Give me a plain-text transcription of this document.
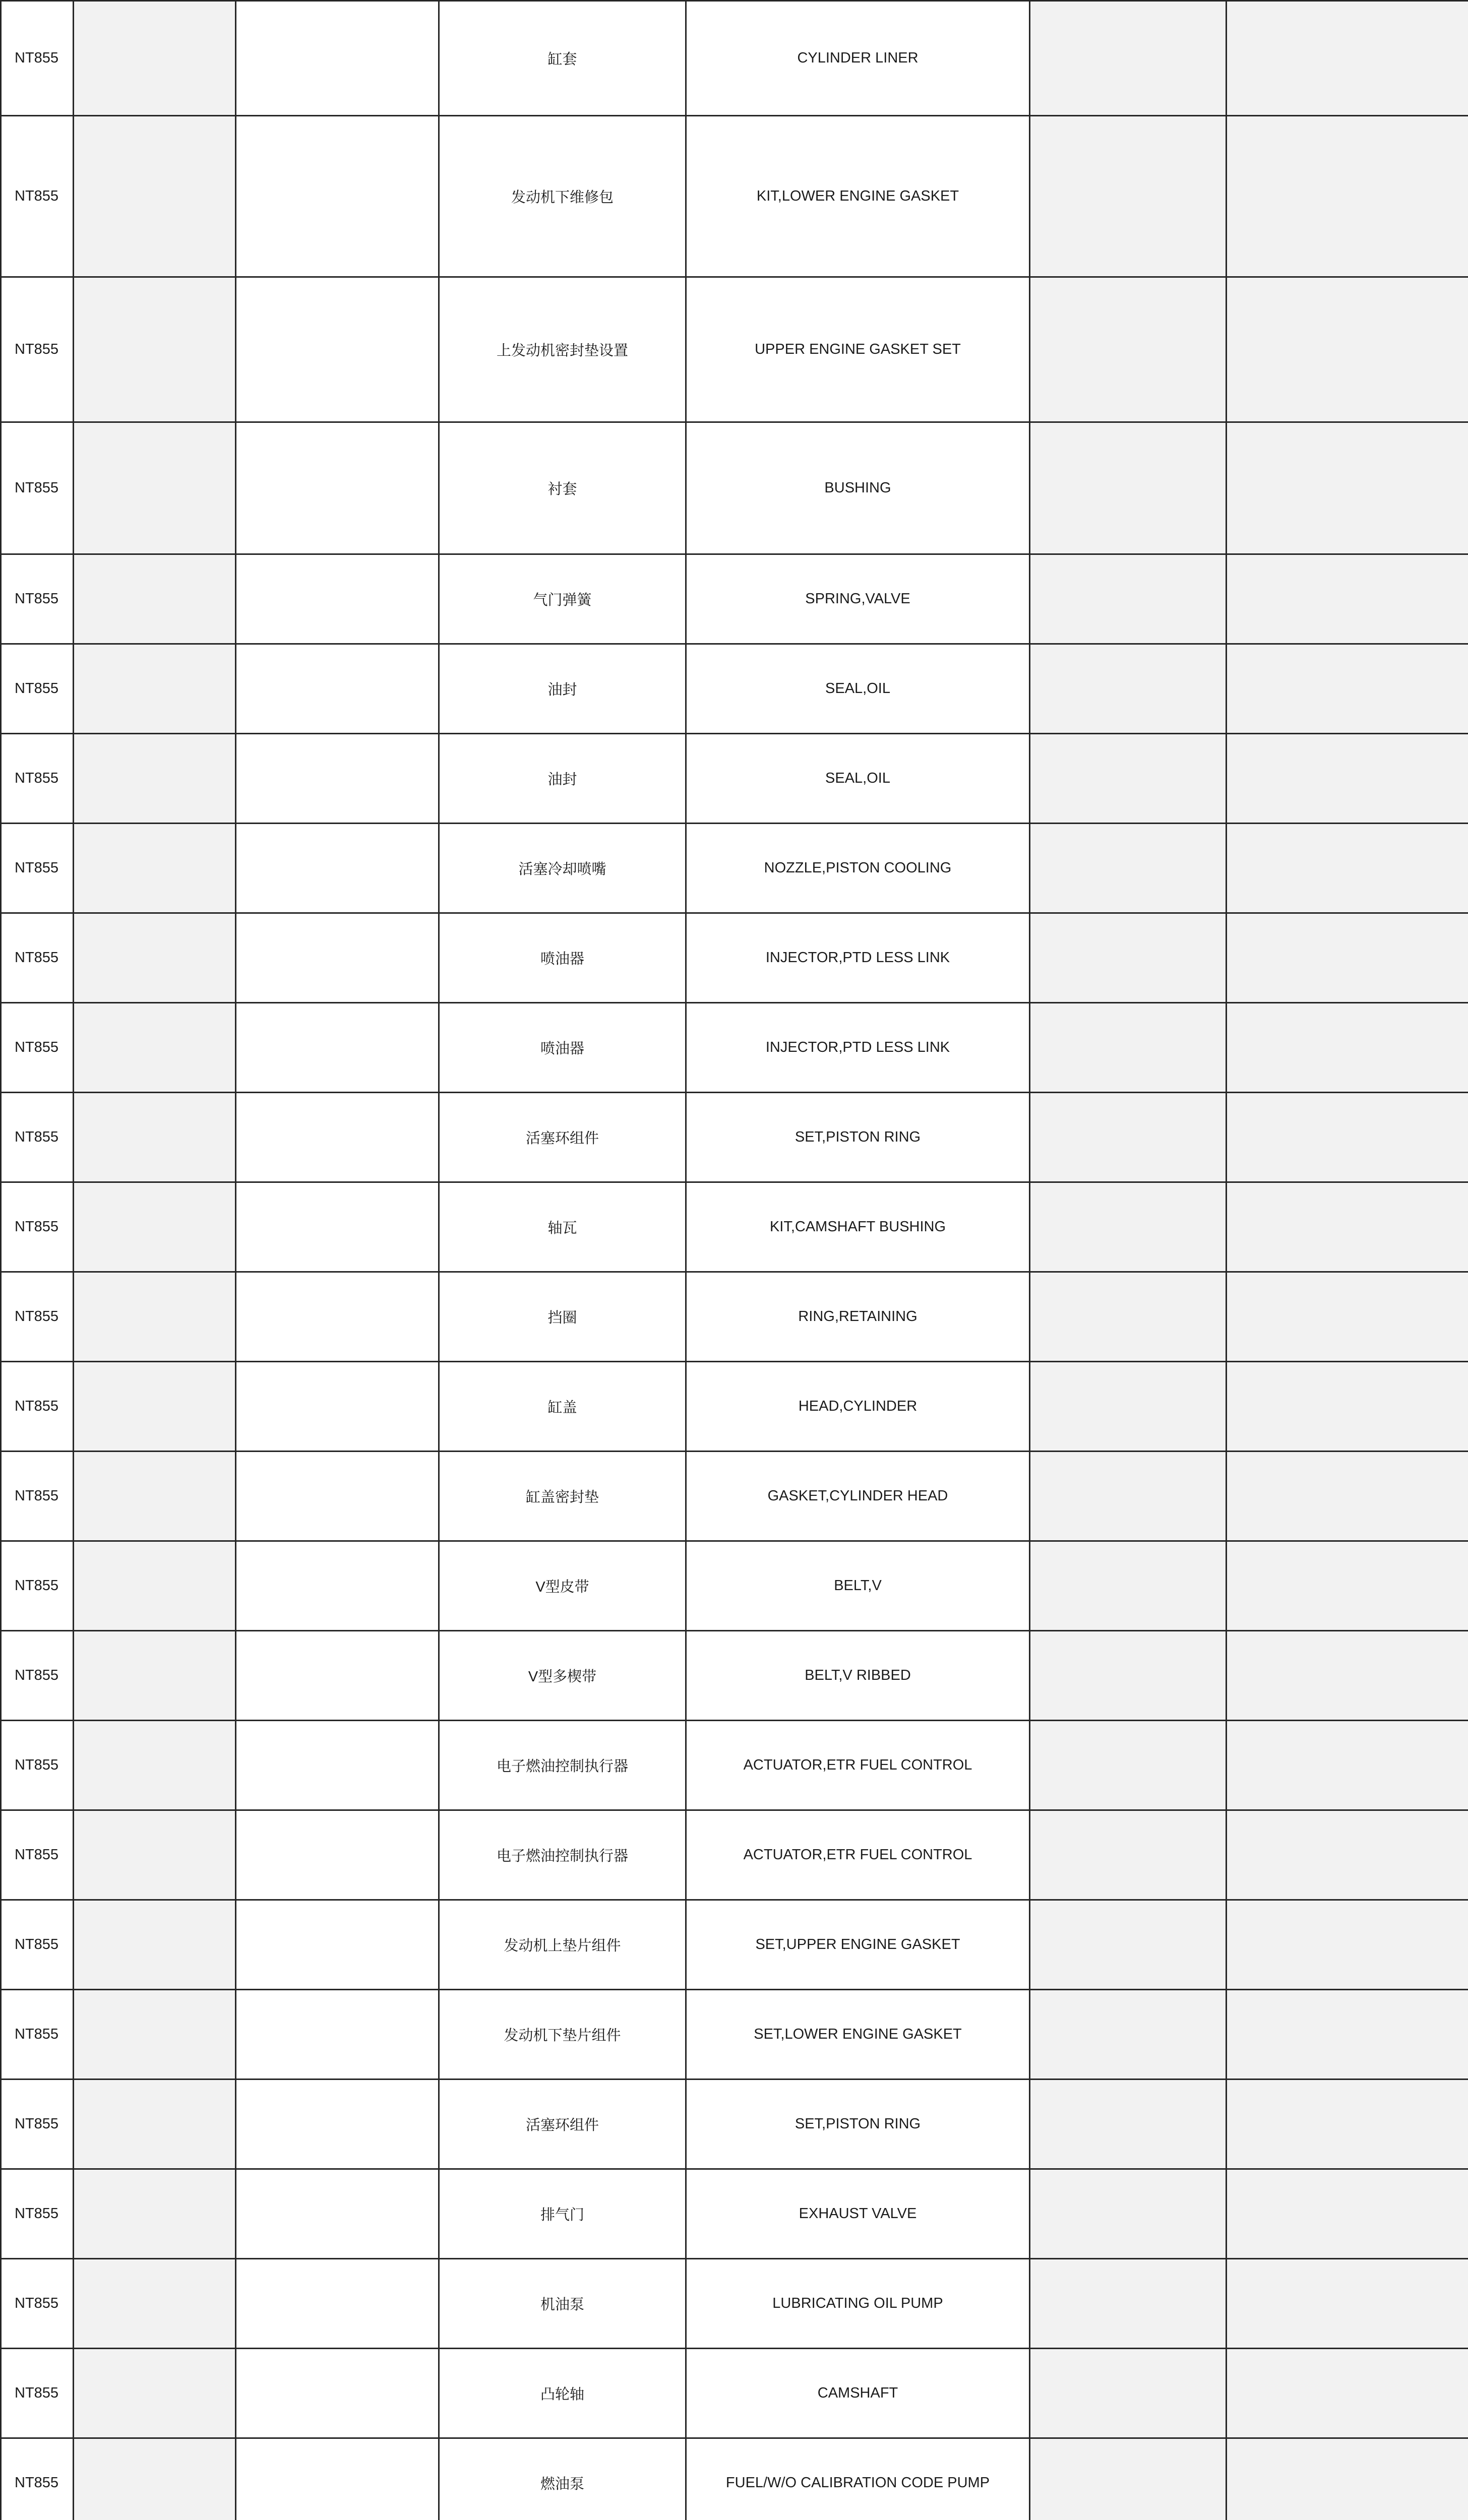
NT855			缸套	CYLINDER LINER		
NT855			发动机下维修包	KIT,LOWER ENGINE GASKET		
NT855			上发动机密封垫设置	UPPER ENGINE GASKET SET		
NT855			衬套	BUSHING		
NT855			气门弹簧	SPRING,VALVE		
NT855			油封	SEAL,OIL		
NT855			油封	SEAL,OIL		
NT855			活塞冷却喷嘴	NOZZLE,PISTON COOLING		
NT855			喷油器	INJECTOR,PTD LESS LINK		
NT855			喷油器	INJECTOR,PTD LESS LINK		
NT855			活塞环组件	SET,PISTON RING		
NT855			轴瓦	KIT,CAMSHAFT BUSHING		
NT855			挡圈	RING,RETAINING		
NT855			缸盖	HEAD,CYLINDER		
NT855			缸盖密封垫	GASKET,CYLINDER HEAD		
NT855			V型皮带	BELT,V		
NT855			V型多楔带	BELT,V RIBBED		
NT855			电子燃油控制执行器	ACTUATOR,ETR FUEL CONTROL		
NT855			电子燃油控制执行器	ACTUATOR,ETR FUEL CONTROL		
NT855			发动机上垫片组件	SET,UPPER ENGINE GASKET		
NT855			发动机下垫片组件	SET,LOWER ENGINE GASKET		
NT855			活塞环组件	SET,PISTON RING		
NT855			排气门	EXHAUST VALVE		
NT855			机油泵	LUBRICATING OIL PUMP		
NT855			凸轮轴	CAMSHAFT		
NT855			燃油泵	FUEL/W/O CALIBRATION CODE PUMP		
